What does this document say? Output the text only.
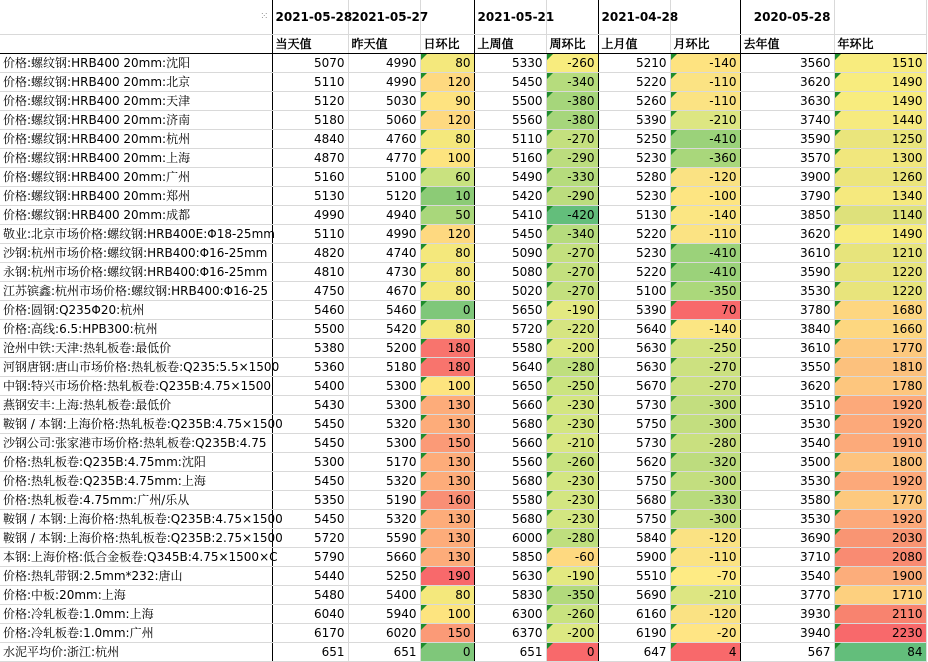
⁙	2021-05-28	2021-05-27		2021-05-21		2021-04-28		2020-05-28	
	当天值	昨天值	日环比	上周值	周环比	上月值	月环比	去年值	年环比
价格:螺纹钢:HRB400 20mm:沈阳	5070	4990	80	5330	-260	5210	-140	3560	1510
价格:螺纹钢:HRB400 20mm:北京	5110	4990	120	5450	-340	5220	-110	3620	1490
价格:螺纹钢:HRB400 20mm:天津	5120	5030	90	5500	-380	5260	-110	3630	1490
价格:螺纹钢:HRB400 20mm:济南	5180	5060	120	5560	-380	5390	-210	3740	1440
价格:螺纹钢:HRB400 20mm:杭州	4840	4760	80	5110	-270	5250	-410	3590	1250
价格:螺纹钢:HRB400 20mm:上海	4870	4770	100	5160	-290	5230	-360	3570	1300
价格:螺纹钢:HRB400 20mm:广州	5160	5100	60	5490	-330	5280	-120	3900	1260
价格:螺纹钢:HRB400 20mm:郑州	5130	5120	10	5420	-290	5230	-100	3790	1340
价格:螺纹钢:HRB400 20mm:成都	4990	4940	50	5410	-420	5130	-140	3850	1140
敬业:北京市场价格:螺纹钢:HRB400E:Φ18-25mm	5110	4990	120	5450	-340	5220	-110	3620	1490
沙钢:杭州市场价格:螺纹钢:HRB400:Φ16-25mm	4820	4740	80	5090	-270	5230	-410	3610	1210
永钢:杭州市场价格:螺纹钢:HRB400:Φ16-25mm	4810	4730	80	5080	-270	5220	-410	3590	1220
江苏镔鑫:杭州市场价格:螺纹钢:HRB400:Φ16-25	4750	4670	80	5020	-270	5100	-350	3530	1220
价格:圆钢:Q235Φ20:杭州	5460	5460	0	5650	-190	5390	70	3780	1680
价格:高线:6.5:HPB300:杭州	5500	5420	80	5720	-220	5640	-140	3840	1660
沧州中铁:天津:热轧板卷:最低价	5380	5200	180	5580	-200	5630	-250	3610	1770
河钢唐钢:唐山市场价格:热轧板卷:Q235:5.5×1500	5360	5180	180	5640	-280	5630	-270	3550	1810
中钢:特兴市场价格:热轧板卷:Q235B:4.75×1500	5400	5300	100	5650	-250	5670	-270	3620	1780
燕钢安丰:上海:热轧板卷:最低价	5430	5300	130	5660	-230	5730	-300	3510	1920
鞍钢 / 本钢:上海价格:热轧板卷:Q235B:4.75×1500	5450	5320	130	5680	-230	5750	-300	3530	1920
沙钢公司:张家港市场价格:热轧板卷:Q235B:4.75	5450	5300	150	5660	-210	5730	-280	3540	1910
价格:热轧板卷:Q235B:4.75mm:沈阳	5300	5170	130	5560	-260	5620	-320	3500	1800
价格:热轧板卷:Q235B:4.75mm:上海	5450	5320	130	5680	-230	5750	-300	3530	1920
价格:热轧板卷:4.75mm:广州/乐从	5350	5190	160	5580	-230	5680	-330	3580	1770
鞍钢 / 本钢:上海价格:热轧板卷:Q235B:4.75×1500	5450	5320	130	5680	-230	5750	-300	3530	1920
鞍钢 / 本钢:上海价格:热轧板卷:Q235B:2.75×1500	5720	5590	130	6000	-280	5840	-120	3690	2030
本钢:上海价格:低合金板卷:Q345B:4.75×1500×C	5790	5660	130	5850	-60	5900	-110	3710	2080
价格:热轧带钢:2.5mm*232:唐山	5440	5250	190	5630	-190	5510	-70	3540	1900
价格:中板:20mm:上海	5480	5400	80	5830	-350	5690	-210	3770	1710
价格:冷轧板卷:1.0mm:上海	6040	5940	100	6300	-260	6160	-120	3930	2110
价格:冷轧板卷:1.0mm:广州	6170	6020	150	6370	-200	6190	-20	3940	2230
水泥平均价:浙江:杭州	651	651	0	651	0	647	4	567	84
